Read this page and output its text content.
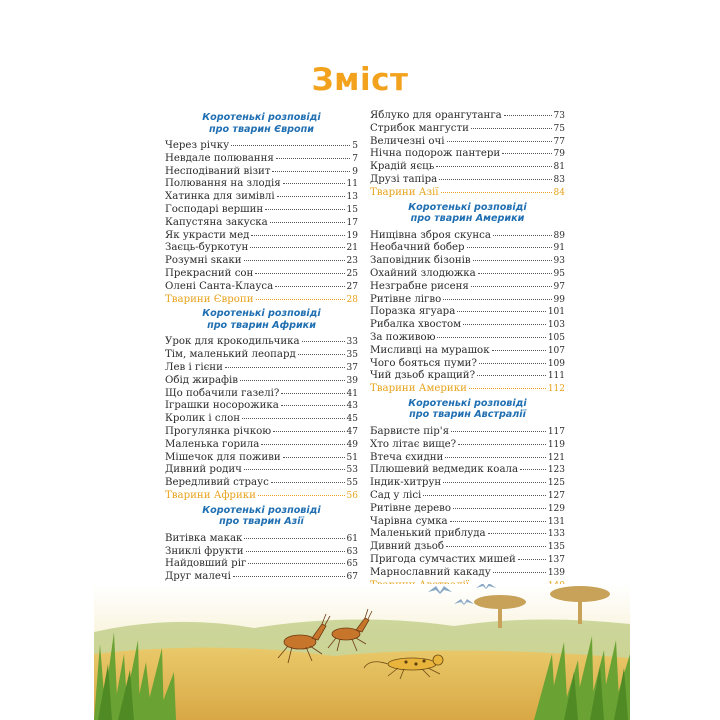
Зміст
Коротенькі розповіді
про тварин Європи
Через річку	5
Невдале полювання	7
Несподіваний візит	9
Полювання на злодія	11
Хатинка для зимівлі	13
Господарі вершин	15
Капустяна закуска	17
Як украсти мед	19
Заєць-буркотун	21
Розумні ѕкаки	23
Прекрасний сон	25
Олені Санта-Клауса	27
Тварини Європи	28
Коротенькі розповіді
про тварин Африки
Урок для крокодильчика	33
Тім, маленький леопард	35
Лев і гієни	37
Обід жирафів	39
Що побачили газелі?	41
Іграшки носорожика	43
Кролик і слон	45
Прогулянка річкою	47
Маленька горила	49
Мішечок для поживи	51
Дивний родич	53
Вередливий страус	55
Тварини Африки	56
Коротенькі розповіді
про тварин Азії
Витівка макак	61
Зниклі фрукти	63
Найдовший ріг	65
Друг малечі	67
Яблуко для орангутанга	73
Стрибок мангусти	75
Величезні очі	77
Нічна подорож пантери	79
Крадій яєць	81
Друзі тапіра	83
Тварини Азії	84
Коротенькі розповіді
про тварин Америки
Нищівна зброя скунса	89
Необачний бобер	91
Заповідник бізонів	93
Охайний злодюжка	95
Незграбне рисеня	97
Ритівне лігво	99
Поразка ягуара	101
Рибалка хвостом	103
За поживою	105
Мисливці на мурашок	107
Чого бояться пуми?	109
Чий дзьоб кращий?	111
Тварини Америки	112
Коротенькі розповіді
про тварин Австралії
Барвисте пір'я	117
Хто літає вище?	119
Втеча єхидни	121
Плюшевий ведмедик коала	123
Індик-хитрун	125
Сад у лісі	127
Ритівне дерево	129
Чарівна сумка	131
Маленький приблуда	133
Дивний дзьоб	135
Пригода сумчастих мишей	137
Марнославний какаду	139
